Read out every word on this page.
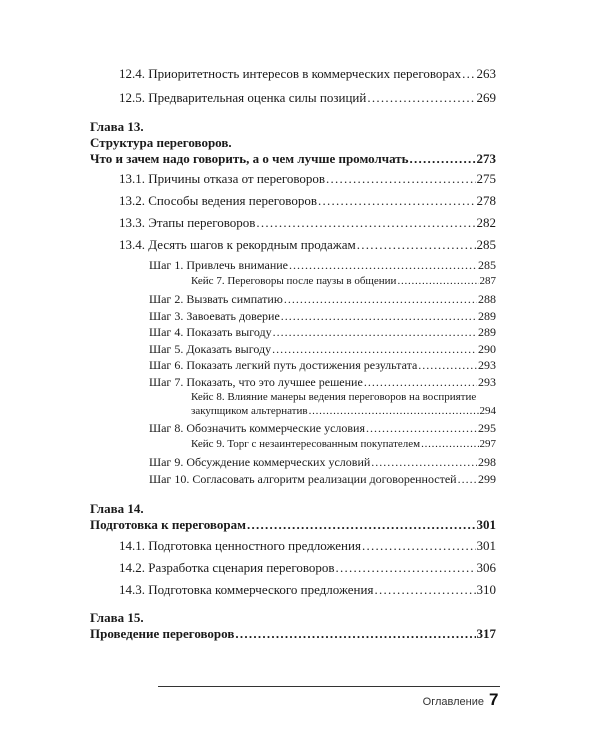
12.4. Приоритетность интересов в коммерческих переговорах . . . 263
12.5. Предварительная оценка силы позиций . . .	269
Глава 13.
Структура переговоров.
Что и зачем надо говорить, а о чем лучше промолчать . . .	273
13.1. Причины отказа от переговоров . . .	275
13.2. Способы ведения переговоров . . .	278
13.3. Этапы переговоров . . .	282
13.4. Десять шагов к рекордным продажам . . .	285
Шаг 1. Привлечь внимание . . .	285
Кейс 7. Переговоры после паузы в общении . . .	287
Шаг 2. Вызвать симпатию . . .	288
Шаг 3. Завоевать доверие . . .	289
Шаг 4. Показать выгоду . . .	289
Шаг 5. Доказать выгоду . . .	290
Шаг 6. Показать легкий путь достижения результата . . .	293
Шаг 7. Показать, что это лучшее решение . . .	293
Кейс 8. Влияние манеры ведения переговоров на восприятие
закупщиком альтернатив . . .	294
Шаг 8. Обозначить коммерческие условия . . .	295
Кейс 9. Торг с незаинтересованным покупателем . . .	297
Шаг 9. Обсуждение коммерческих условий . . .	298
Шаг 10. Согласовать алгоритм реализации договоренностей . . . 299
Глава 14.
Подготовка к переговорам . . .	301
14.1. Подготовка ценностного предложения . . .	301
14.2. Разработка сценария переговоров . . .	306
14.3. Подготовка коммерческого предложения . . .	310
Глава 15.
Проведение переговоров . . .	317
Оглавление 7
